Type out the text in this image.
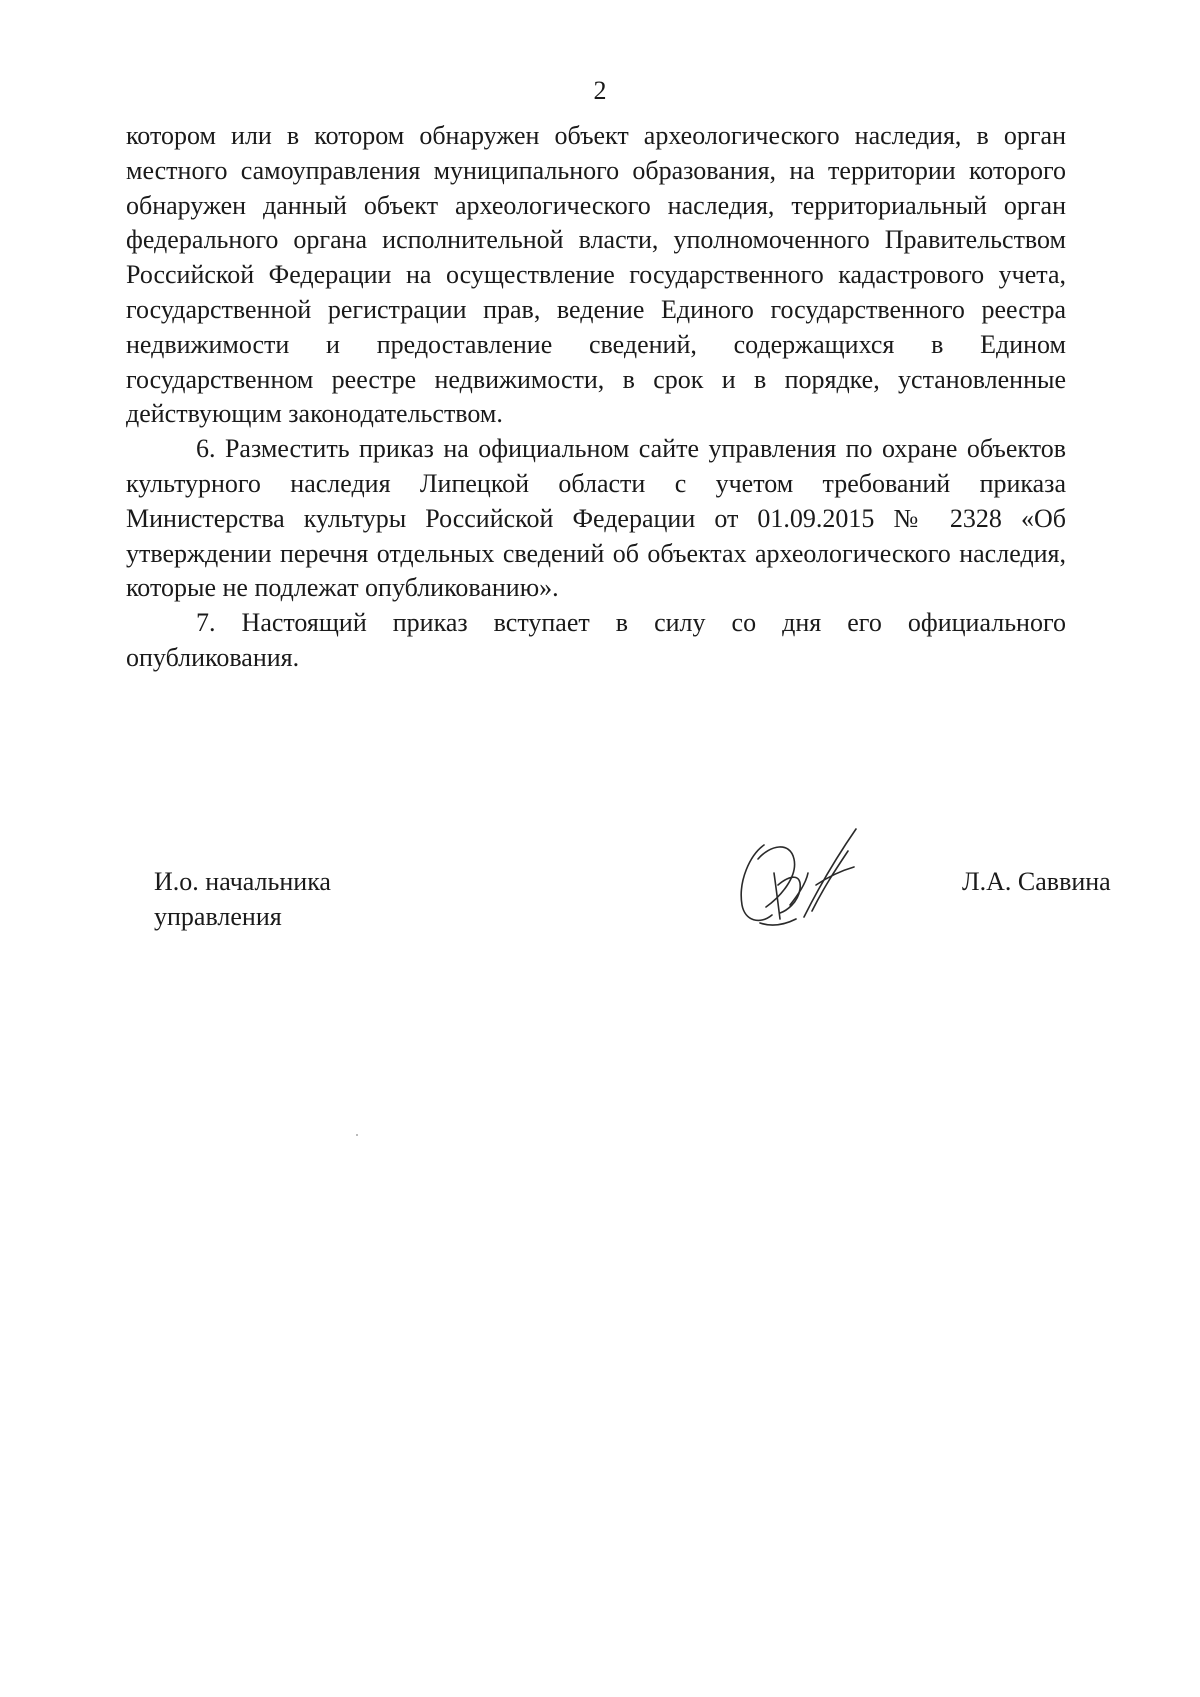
2

котором или в котором обнаружен объект археологического наследия, в орган местного самоуправления муниципального образования, на территории которого обнаружен данный объект археологического наследия, территориальный орган федерального органа исполнительной власти, уполномоченного Правительством Российской Федерации на осуществление государственного кадастрового учета, государственной регистрации прав, ведение Единого государственного реестра недвижимости и предоставление сведений, содержащихся в Едином государственном реестре недвижимости, в срок и в порядке, установленные действующим законодательством.

6. Разместить приказ на официальном сайте управления по охране объектов культурного наследия Липецкой области с учетом требований приказа Министерства культуры Российской Федерации от 01.09.2015 № 2328 «Об утверждении перечня отдельных сведений об объектах археологического наследия, которые не подлежат опубликованию».

7. Настоящий приказ вступает в силу со дня его официального опубликования.

И.о. начальника
управления
Л.А. Саввина
